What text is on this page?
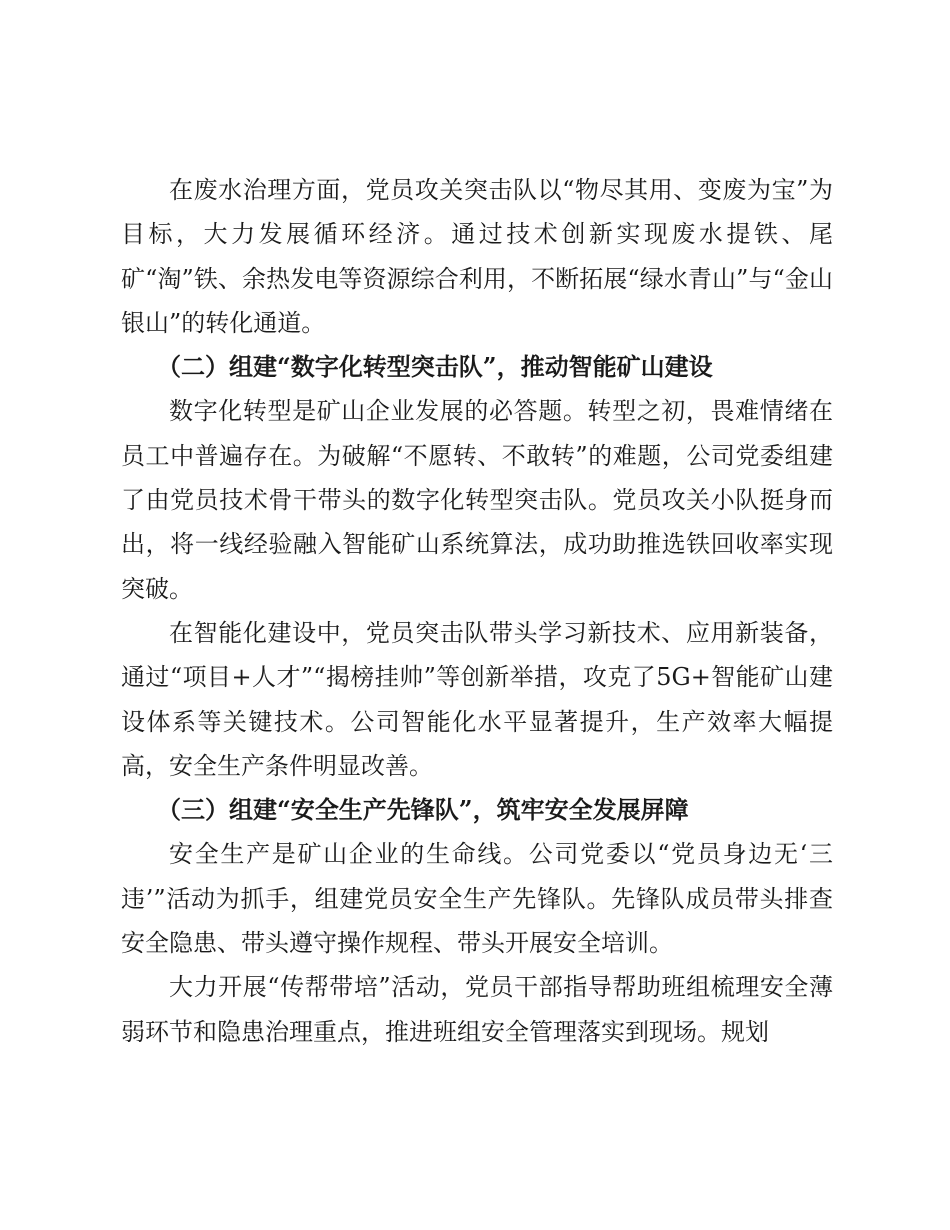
在废水治理方面，党员攻关突击队以“物尽其用、变废为宝”为目标，大力发展循环经济。通过技术创新实现废水提铁、尾矿“淘”铁、余热发电等资源综合利用，不断拓展“绿水青山”与“金山银山”的转化通道。

（二）组建“数字化转型突击队”，推动智能矿山建设

数字化转型是矿山企业发展的必答题。转型之初，畏难情绪在员工中普遍存在。为破解“不愿转、不敢转”的难题，公司党委组建了由党员技术骨干带头的数字化转型突击队。党员攻关小队挺身而出，将一线经验融入智能矿山系统算法，成功助推选铁回收率实现突破。

在智能化建设中，党员突击队带头学习新技术、应用新装备，通过“项目+人才”“揭榜挂帅”等创新举措，攻克了5G+智能矿山建设体系等关键技术。公司智能化水平显著提升，生产效率大幅提高，安全生产条件明显改善。

（三）组建“安全生产先锋队”，筑牢安全发展屏障

安全生产是矿山企业的生命线。公司党委以“党员身边无‘三违’”活动为抓手，组建党员安全生产先锋队。先锋队成员带头排查安全隐患、带头遵守操作规程、带头开展安全培训。

大力开展“传帮带培”活动，党员干部指导帮助班组梳理安全薄弱环节和隐患治理重点，推进班组安全管理落实到现场。规划
